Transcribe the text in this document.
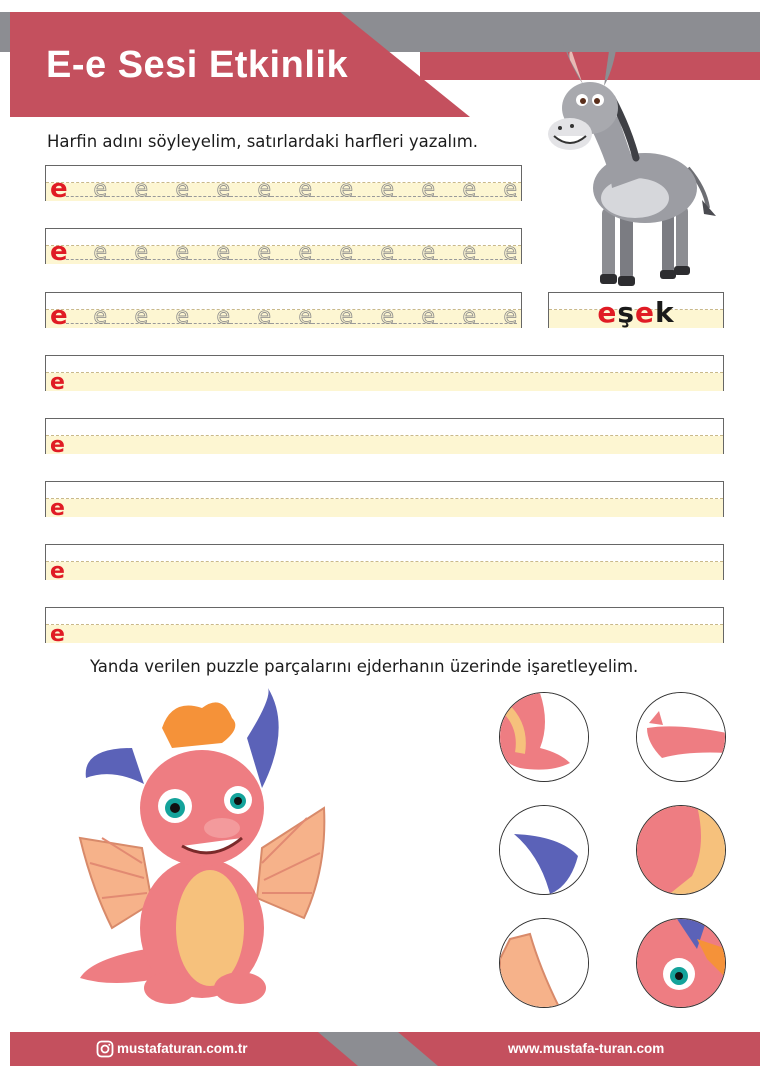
E-e Sesi Etkinlik
Harfin adını söyleyelim, satırlardaki harfleri yazalım.
e	e	e	e	e	e	e	e	e	e	e
e
e	e	e	e	e	e	e	e	e	e	e
e
e	e	e	e	e	e	e	e	e	e	e
e	eşek
e
e
e
e
e
Yanda verilen puzzle parçalarını ejderhanın üzerinde işaretleyelim.
mustafaturan.com.tr	www.mustafa-turan.com
